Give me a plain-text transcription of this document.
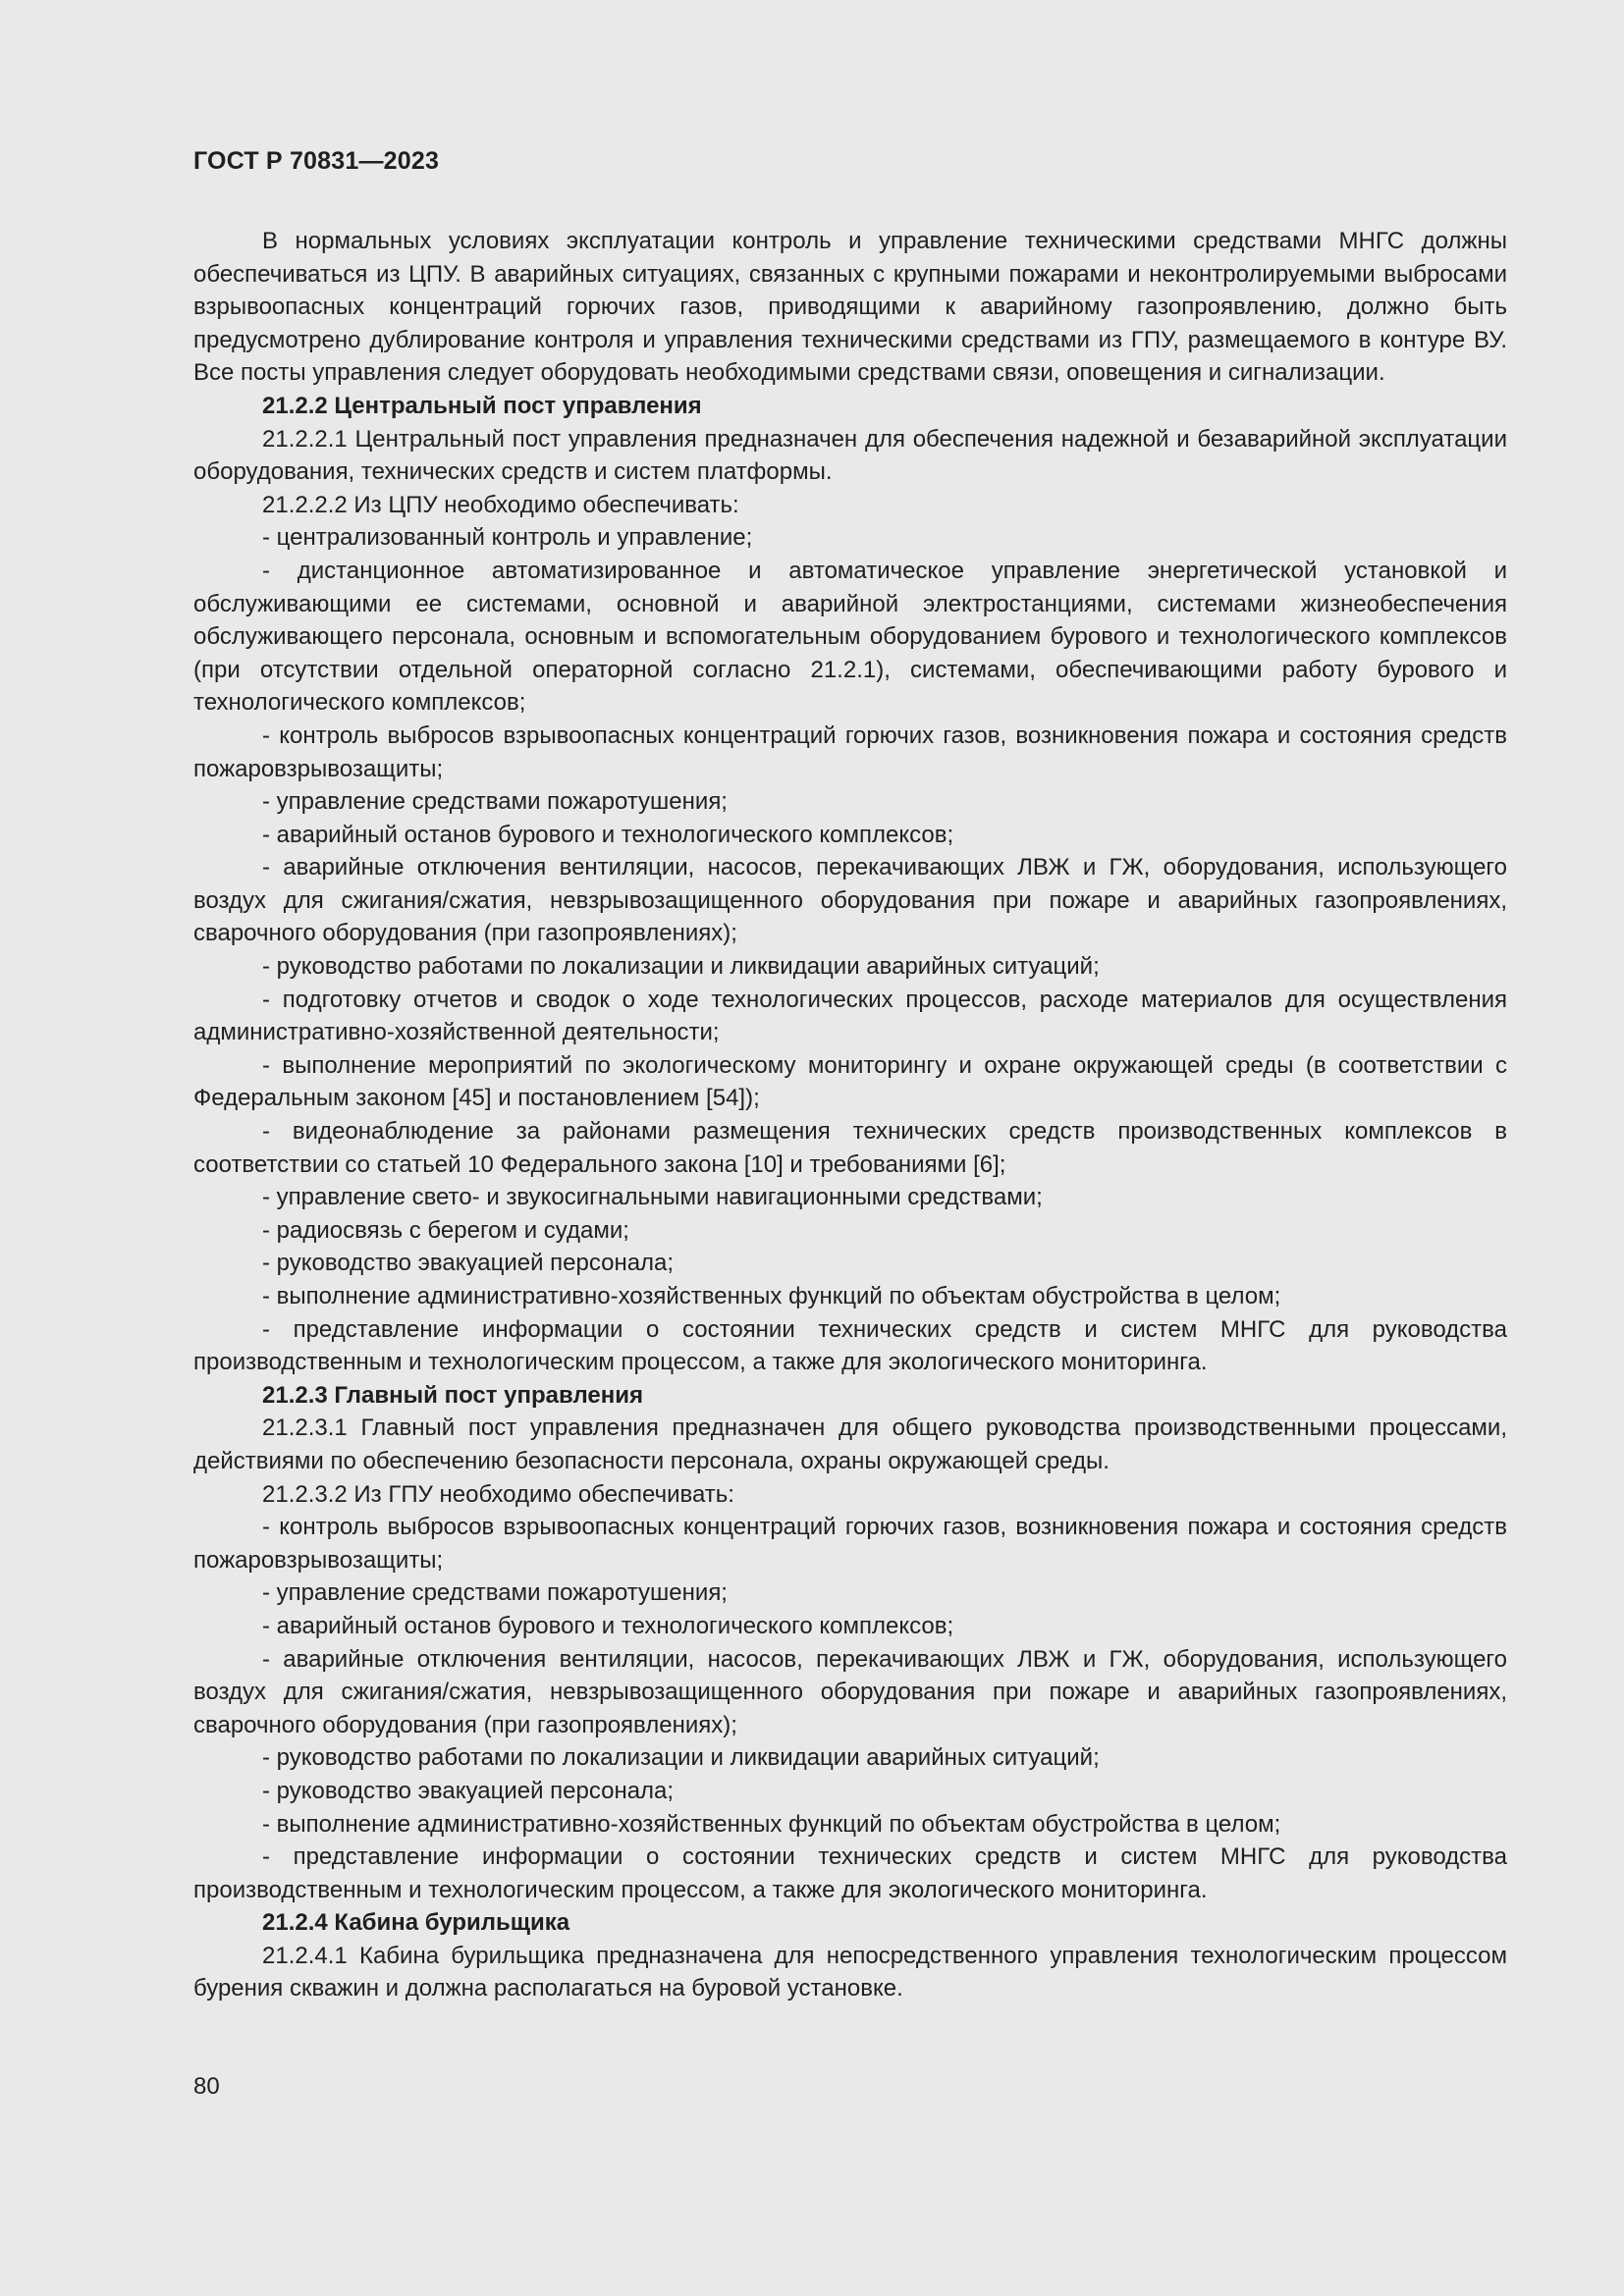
ГОСТ Р 70831—2023

В нормальных условиях эксплуатации контроль и управление техническими средствами МНГС должны обеспечиваться из ЦПУ. В аварийных ситуациях, связанных с крупными пожарами и неконтролируемыми выбросами взрывоопасных концентраций горючих газов, приводящими к аварийному газопроявлению, должно быть предусмотрено дублирование контроля и управления техническими средствами из ГПУ, размещаемого в контуре ВУ. Все посты управления следует оборудовать необходимыми средствами связи, оповещения и сигнализации.

21.2.2 Центральный пост управления

21.2.2.1 Центральный пост управления предназначен для обеспечения надежной и безаварийной эксплуатации оборудования, технических средств и систем платформы.

21.2.2.2 Из ЦПУ необходимо обеспечивать:

- централизованный контроль и управление;

- дистанционное автоматизированное и автоматическое управление энергетической установкой и обслуживающими ее системами, основной и аварийной электростанциями, системами жизнеобеспечения обслуживающего персонала, основным и вспомогательным оборудованием бурового и технологического комплексов (при отсутствии отдельной операторной согласно 21.2.1), системами, обеспечивающими работу бурового и технологического комплексов;

- контроль выбросов взрывоопасных концентраций горючих газов, возникновения пожара и состояния средств пожаровзрывозащиты;

- управление средствами пожаротушения;

- аварийный останов бурового и технологического комплексов;

- аварийные отключения вентиляции, насосов, перекачивающих ЛВЖ и ГЖ, оборудования, использующего воздух для сжигания/сжатия, невзрывозащищенного оборудования при пожаре и аварийных газопроявлениях, сварочного оборудования (при газопроявлениях);

- руководство работами по локализации и ликвидации аварийных ситуаций;

- подготовку отчетов и сводок о ходе технологических процессов, расходе материалов для осуществления административно-хозяйственной деятельности;

- выполнение мероприятий по экологическому мониторингу и охране окружающей среды (в соответствии с Федеральным законом [45] и постановлением [54]);

- видеонаблюдение за районами размещения технических средств производственных комплексов в соответствии со статьей 10 Федерального закона [10] и требованиями [6];

- управление свето- и звукосигнальными навигационными средствами;

- радиосвязь с берегом и судами;

- руководство эвакуацией персонала;

- выполнение административно-хозяйственных функций по объектам обустройства в целом;

- представление информации о состоянии технических средств и систем МНГС для руководства производственным и технологическим процессом, а также для экологического мониторинга.

21.2.3 Главный пост управления

21.2.3.1 Главный пост управления предназначен для общего руководства производственными процессами, действиями по обеспечению безопасности персонала, охраны окружающей среды.

21.2.3.2 Из ГПУ необходимо обеспечивать:

- контроль выбросов взрывоопасных концентраций горючих газов, возникновения пожара и состояния средств пожаровзрывозащиты;

- управление средствами пожаротушения;

- аварийный останов бурового и технологического комплексов;

- аварийные отключения вентиляции, насосов, перекачивающих ЛВЖ и ГЖ, оборудования, использующего воздух для сжигания/сжатия, невзрывозащищенного оборудования при пожаре и аварийных газопроявлениях, сварочного оборудования (при газопроявлениях);

- руководство работами по локализации и ликвидации аварийных ситуаций;

- руководство эвакуацией персонала;

- выполнение административно-хозяйственных функций по объектам обустройства в целом;

- представление информации о состоянии технических средств и систем МНГС для руководства производственным и технологическим процессом, а также для экологического мониторинга.

21.2.4 Кабина бурильщика

21.2.4.1 Кабина бурильщика предназначена для непосредственного управления технологическим процессом бурения скважин и должна располагаться на буровой установке.

80
